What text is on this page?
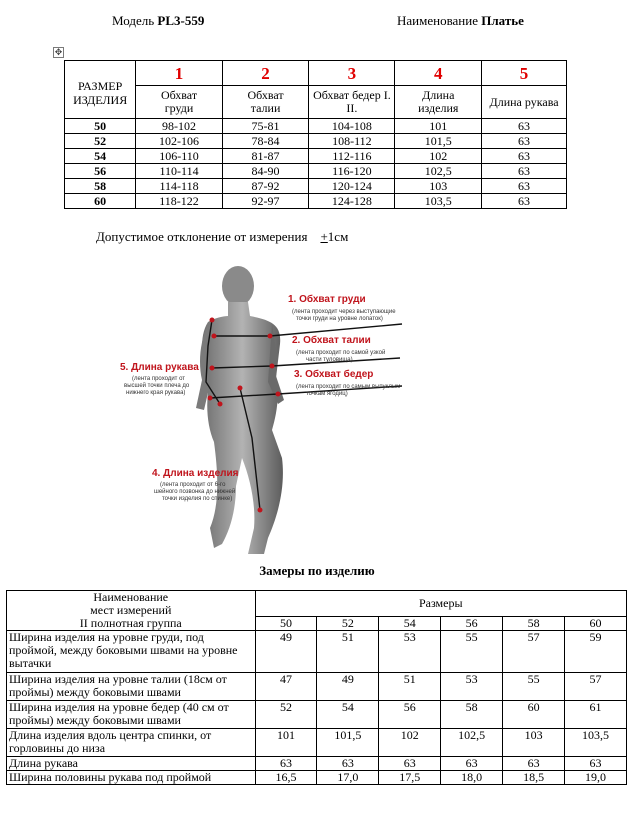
Модель PL3-559	Наименование Платье
✥
РАЗМЕР ИЗДЕЛИЯ	1	2	3	4	5
	Обхват груди	Обхват талии	Обхват бедер I. II.	Длина изделия	Длина рукава
50	98-102	75-81	104-108	101	63
52	102-106	78-84	108-112	101,5	63
54	106-110	81-87	112-116	102	63
56	110-114	84-90	116-120	102,5	63
58	114-118	87-92	120-124	103	63
60	118-122	92-97	124-128	103,5	63
Допустимое отклонение от измерения +1см
1. Обхват груди
(лента проходит через выступающие
точки груди на уровне лопаток)
2. Обхват талии
(лента проходит по самой узкой
части туловища)
3. Обхват бедер
(лента проходит по самым выпуклым
точкам ягодиц)
5. Длина рукава
(лента проходит от
высшей точки плеча до
нижнего края рукава)
4. Длина изделия
(лента проходит от 6-го
шейного позвонка до нижней
точки изделия по спинке)
Замеры по изделию
Наименование
мест измерений
II полнотная группа	Размеры					
	50	52	54	56	58	60
Ширина изделия на уровне груди, под проймой, между боковыми швами на уровне вытачки	49	51	53	55	57	59
Ширина изделия на уровне талии (18см от проймы) между боковыми швами	47	49	51	53	55	57
Ширина изделия на уровне бедер (40 см от проймы) между боковыми швами	52	54	56	58	60	61
Длина изделия вдоль центра спинки, от горловины до низа	101	101,5	102	102,5	103	103,5
Длина рукава	63	63	63	63	63	63
Ширина половины рукава под проймой	16,5	17,0	17,5	18,0	18,5	19,0
